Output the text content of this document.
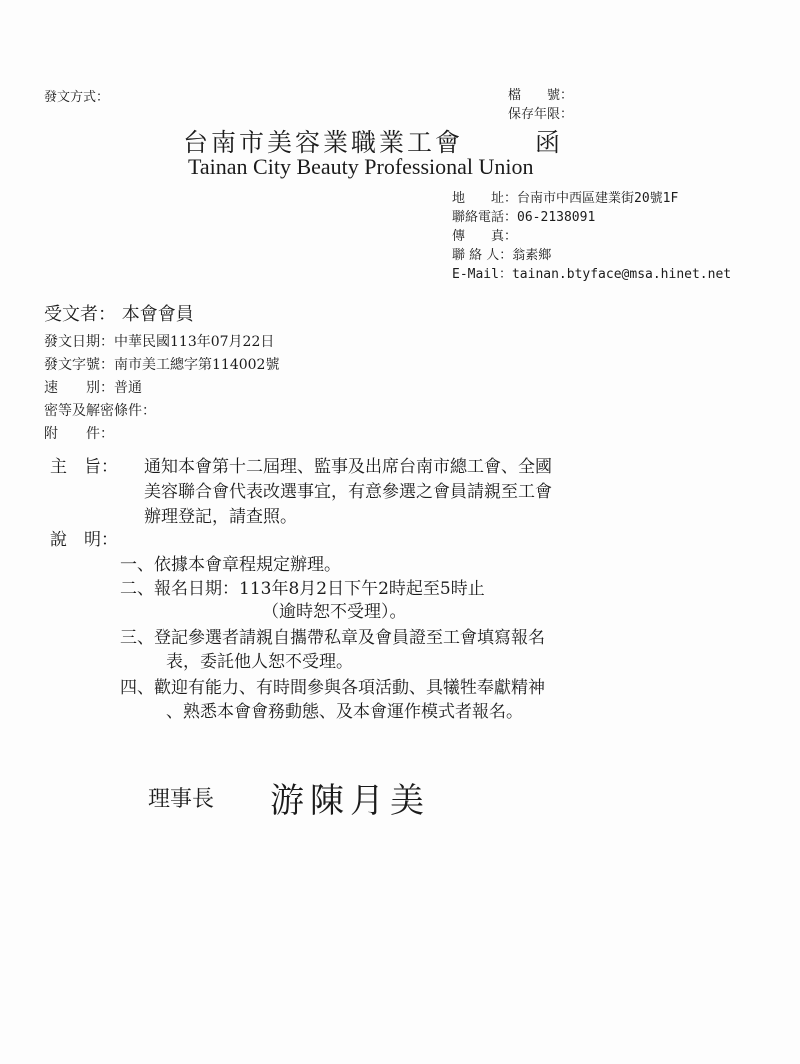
發文方式：	檔　　號：
保存年限：
台南市美容業職業工會	函
Tainan City Beauty Professional Union
地　　址：台南市中西區建業街20號1F
聯絡電話：06-2138091
傳　　真：
聯 絡 人：翁素鄉
E-Mail：tainan.btyface@msa.hinet.net
受文者： 本會會員
發文日期：中華民國113年07月22日
發文字號：南市美工總字第114002號
速　　別：普通
密等及解密條件：
附　　件：
主　旨： 通知本會第十二屆理、監事及出席台南市總工會、全國
美容聯合會代表改選事宜，有意參選之會員請親至工會
辦理登記，請查照。
說　明：
一、依據本會章程規定辦理。
二、報名日期：113年8月2日下午2時起至5時止
（逾時恕不受理）。
三、登記參選者請親自攜帶私章及會員證至工會填寫報名
表，委託他人恕不受理。
四、歡迎有能力、有時間參與各項活動、具犧牲奉獻精神
、熟悉本會會務動態、及本會運作模式者報名。
理事長 游陳月美
